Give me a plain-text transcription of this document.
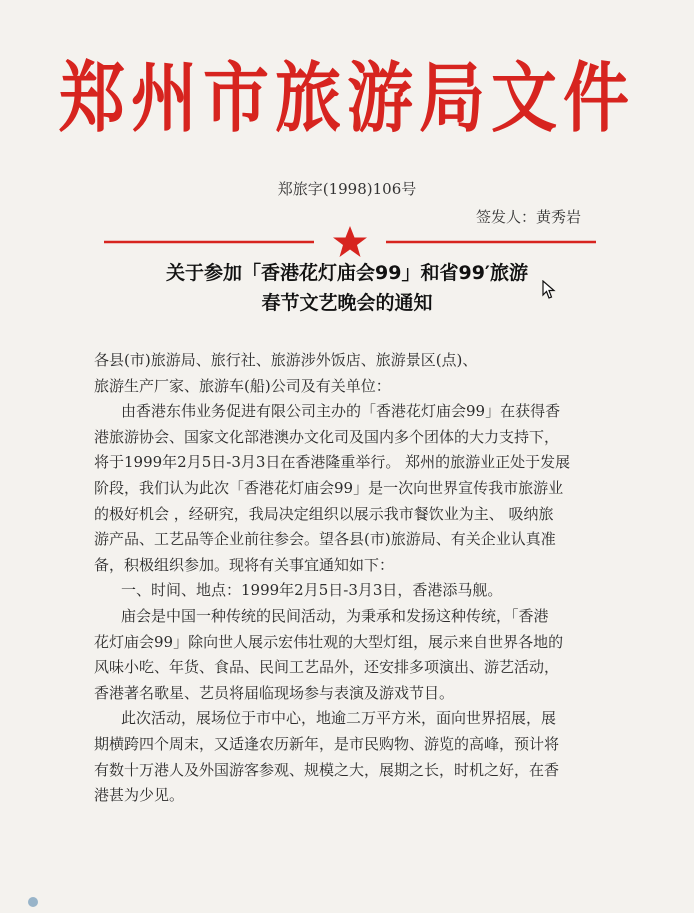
郑州市旅游局文件
郑旅字(1998)106号
签发人：黄秀岩
关于参加「香港花灯庙会99」和省99′旅游
春节文艺晚会的通知

各县(市)旅游局、旅行社、旅游涉外饭店、旅游景区(点)、

旅游生产厂家、旅游车(船)公司及有关单位：

由香港东伟业务促进有限公司主办的「香港花灯庙会99」在获得香

港旅游协会、国家文化部港澳办文化司及国内多个团体的大力支持下，

将于1999年2月5日-3月3日在香港隆重举行。 郑州的旅游业正处于发展

阶段，我们认为此次「香港花灯庙会99」是一次向世界宣传我市旅游业

的极好机会 ，经研究，我局决定组织以展示我市餐饮业为主、 吸纳旅

游产品、工艺品等企业前往参会。望各县(市)旅游局、有关企业认真准

备，积极组织参加。现将有关事宜通知如下：

一、时间、地点：1999年2月5日-3月3日，香港添马舰。

庙会是中国一种传统的民间活动，为秉承和发扬这种传统，「香港

花灯庙会99」除向世人展示宏伟壮观的大型灯组，展示来自世界各地的

风味小吃、年货、食品、民间工艺品外，还安排多项演出、游艺活动，

香港著名歌星、艺员将届临现场参与表演及游戏节目。

此次活动，展场位于市中心，地逾二万平方米，面向世界招展，展

期横跨四个周末，又适逢农历新年，是市民购物、游览的高峰，预计将

有数十万港人及外国游客参观、规模之大，展期之长，时机之好，在香

港甚为少见。
